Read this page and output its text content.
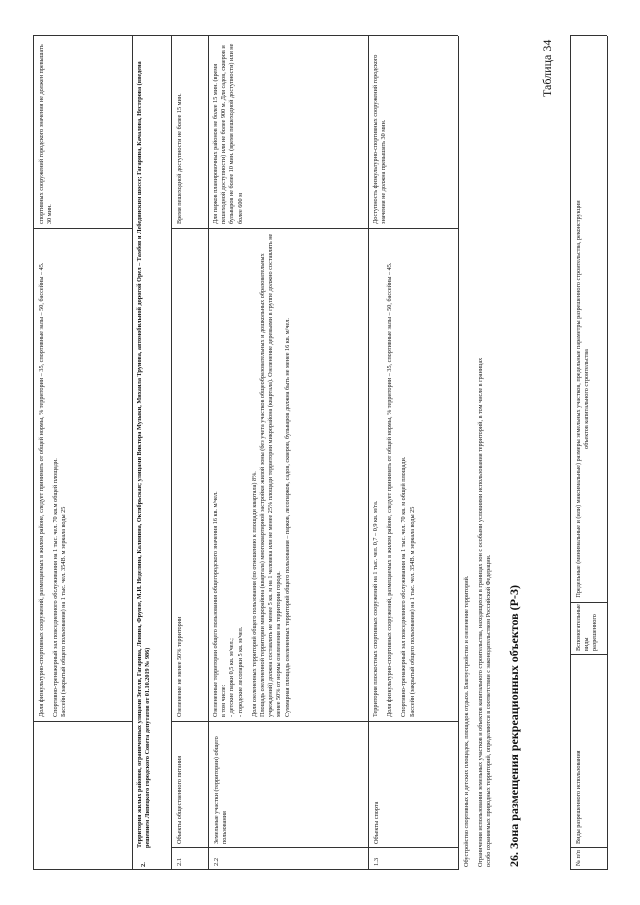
Доля физкультурно-спортивных сооружений, размещаемых в жилом районе, следует принимать от общей нормы, % территории – 35, спортивные залы – 50, бассейны – 45. Спортивно-тренажерный зал повседневного обслуживания на 1 тыс. чел. 70 кв.м общей площади. Бассейн (закрытый общего пользования) на 1 тыс. чел. 354В. м зеркала воды 25

спортивных сооружений городского значения не должен превышать 30 мин.
2.
Территория жилых районов, ограниченных улицами Зегеля, Гагарина, Ленина, Фрунзе, М.И. Неделина, Калинина, Октябрьская; улицами Виктора Музыки, Михаила Трунова, автомобильной дорогой Орел – Тамбов и Лебединским шоссе; Гагарина, Качалова, Нестерова (введена решением Липецкого городского Совета депутатов от 01.10.2019 № 986)
2.1
Объекты общественного питания

Озеленение не менее 50% территории

Время пешеходной доступности не более 15 мин.
2.2
Земельные участки (территории) общего пользования

Озелененные территории общего пользования общегородского значения 16 кв. м/чел. в том числе: - детские парки 0,5 кв. м/чел.; - городские лесопарки 5 кв. м/чел. Доля озелененных территорий общего пользования (по отношению к площади квартала) 8%. Площадь озелененной территории микрорайона (квартала) многоквартирной застройки жилой зоны (без учета участков общеобразовательных и дошкольных образовательных учреждений) должна составлять не менее 5 кв. м на 1 человека или не менее 25% площади территории микрорайона (квартала). Озеленение деревьями в группе должно составлять не менее 50% от нормы озеленения на территории города. Суммарная площадь озелененных территорий общего пользования – парков, лесопарков, садов, скверов, бульваров должна быть не менее 16 кв. м/чел.

Для парков планировочных районов не более 15 мин. (время пешеходной доступности) или не более 900 м. Для садов, скверов и бульваров не более 10 мин. (время пешеходной доступности) или не более 600 м
1.3
Объекты спорта

Территория плоскостных спортивных сооружений на 1 тыс. чел. 0,7 – 0,9 кв. м/га. Доля физкультурно-спортивных сооружений, размещаемых в жилом районе, следует принимать от общей нормы, % территории – 35, спортивные залы – 50, бассейны – 45. Спортивно-тренажерный зал повседневного обслуживания на 1 тыс. чел. 70 кв. м общей площади. Бассейн (закрытый общего пользования) на 1 тыс. чел. 354В. м зеркала воды 25

Доступность физкультурно-спортивных сооружений городского значения не должна превышать 30 мин.

Обустройство спортивных и детских площадок, площадок отдыха. Благоустройство и озеленение территорий. Ограничения использования земельных участков и объектов капитального строительства, находящихся в границах зон с особыми условиями использования территорий, в том числе в границах особо охраняемых природных территорий, определяются в соответствии с законодательством Российской Федерации. 26. Зона размещения рекреационных объектов (Р-3)
Таблица 34
№ п/п
Виды разрешенного использования
Вспомогательные виды разрешенного
Предельные (минимальные и (или) максимальные) размеры земельных участков, предельные параметры разрешенного строительства, реконструкции объектов капитального строительства
